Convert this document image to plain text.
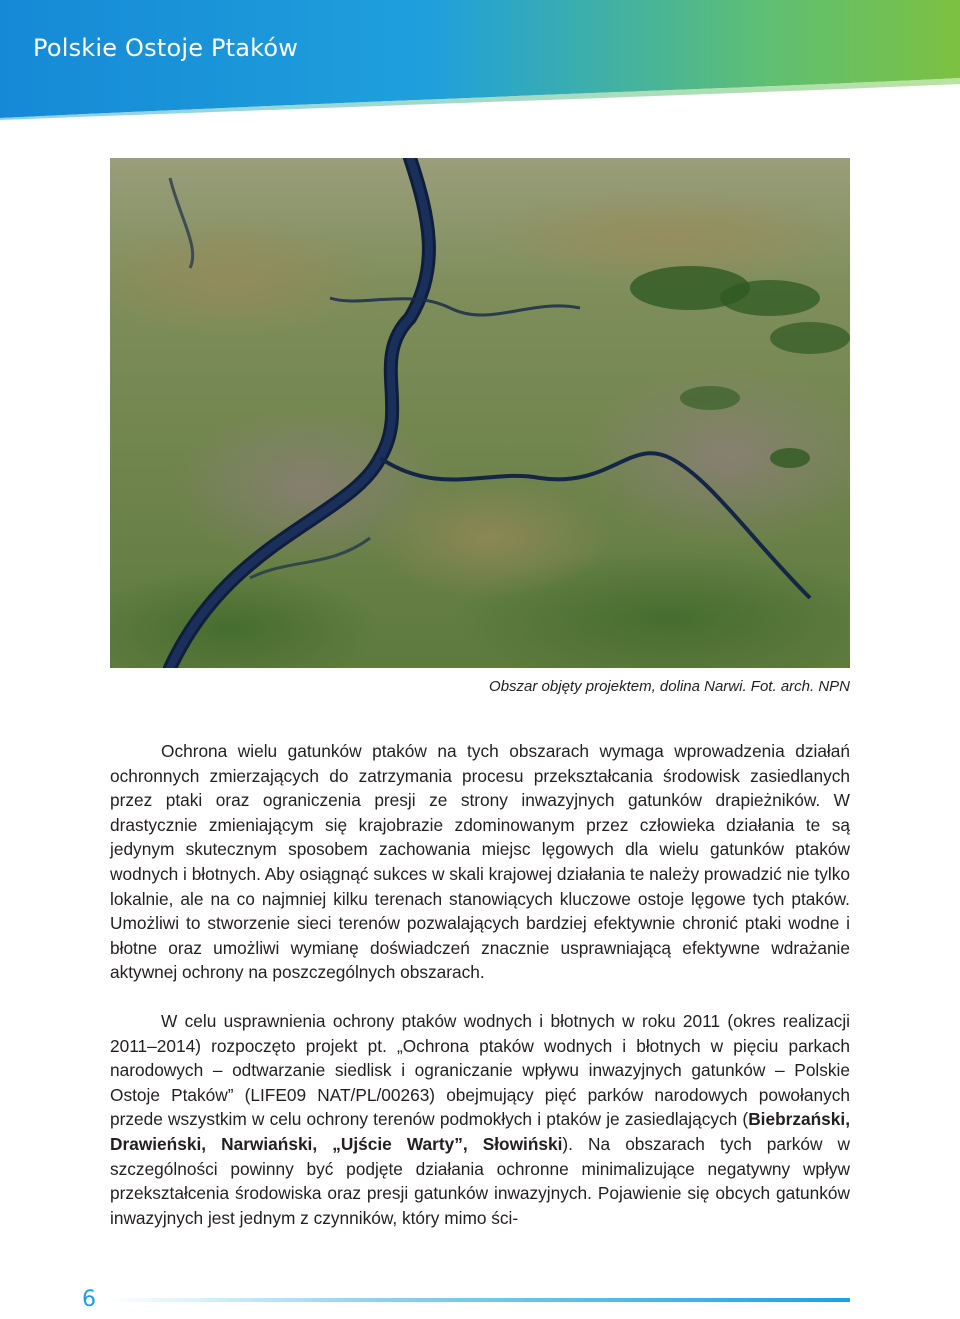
Polskie Ostoje Ptaków
Obszar objęty projektem, dolina Narwi. Fot. arch. NPN

Ochrona wielu gatunków ptaków na tych obszarach wymaga wprowadzenia działań ochronnych zmierzających do zatrzymania procesu przekształcania środowisk zasiedlanych przez ptaki oraz ograniczenia presji ze strony inwazyjnych gatunków drapieżników. W drastycznie zmieniającym się krajobrazie zdominowanym przez człowieka działania te są jedynym skutecznym sposobem zachowania miejsc lęgowych dla wielu gatunków ptaków wodnych i błotnych. Aby osiągnąć sukces w skali krajowej działania te należy prowadzić nie tylko lokalnie, ale na co najmniej kilku terenach stanowiących kluczowe ostoje lęgowe tych ptaków. Umożliwi to stworzenie sieci terenów pozwalających bardziej efektywnie chronić ptaki wodne i błotne oraz umożliwi wymianę doświadczeń znacznie usprawniającą efektywne wdrażanie aktywnej ochrony na poszczególnych obszarach.

W celu usprawnienia ochrony ptaków wodnych i błotnych w roku 2011 (okres realizacji 2011–2014) rozpoczęto projekt pt. „Ochrona ptaków wodnych i błotnych w pięciu parkach narodowych – odtwarzanie siedlisk i ograniczanie wpływu inwazyjnych gatunków – Polskie Ostoje Ptaków” (LIFE09 NAT/PL/00263) obejmujący pięć parków narodowych powołanych przede wszystkim w celu ochrony terenów podmokłych i ptaków je zasiedlających (Biebrzański, Drawieński, Narwiański, „Ujście Warty”, Słowiński). Na obszarach tych parków w szczególności powinny być podjęte działania ochronne minimalizujące negatywny wpływ przekształcenia środowiska oraz presji gatunków inwazyjnych. Pojawienie się obcych gatunków inwazyjnych jest jednym z czynników, który mimo ści-

6
